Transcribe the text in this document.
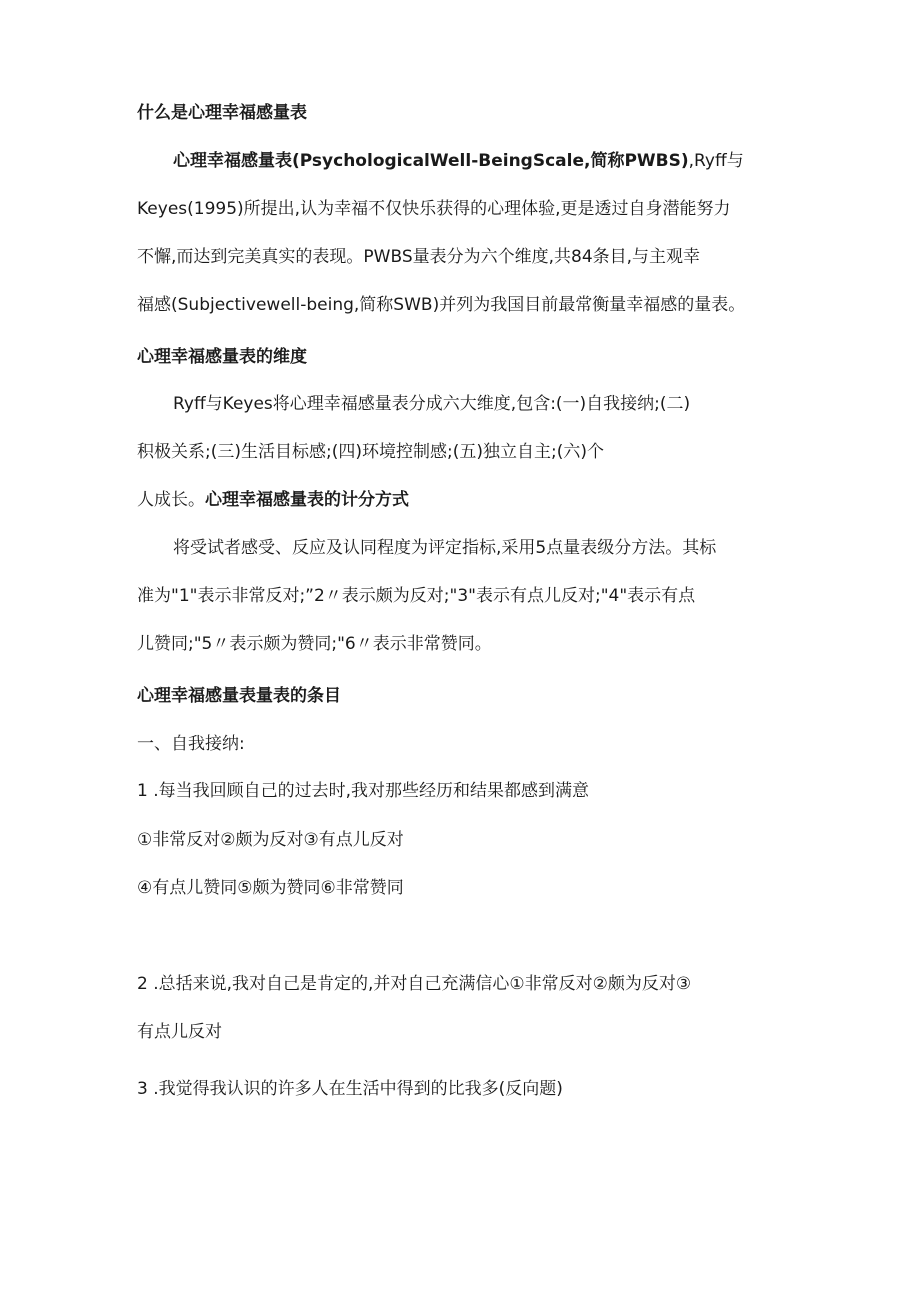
什么是心理幸福感量表
心理幸福感量表(PsychologicalWell-BeingScale,简称PWBS),Ryff与
Keyes(1995)所提出,认为幸福不仅快乐获得的心理体验,更是透过自身潜能努力
不懈,而达到完美真实的表现。PWBS量表分为六个维度,共84条目,与主观幸
福感(Subjectivewell-being,简称SWB)并列为我国目前最常衡量幸福感的量表。
心理幸福感量表的维度
Ryff与Keyes将心理幸福感量表分成六大维度,包含:(一)自我接纳;(二)
积极关系;(三)生活目标感;(四)环境控制感;(五)独立自主;(六)个
人成长。心理幸福感量表的计分方式
将受试者感受、反应及认同程度为评定指标,采用5点量表级分方法。其标
准为"1"表示非常反对;”2〃表示颇为反对;"3"表示有点儿反对;"4"表示有点
儿赞同;"5〃表示颇为赞同;"6〃表示非常赞同。
心理幸福感量表量表的条目
一、自我接纳:
1 .每当我回顾自己的过去时,我对那些经历和结果都感到满意
①非常反对②颇为反对③有点儿反对
④有点儿赞同⑤颇为赞同⑥非常赞同
2 .总括来说,我对自己是肯定的,并对自己充满信心①非常反对②颇为反对③
有点儿反对
3 .我觉得我认识的许多人在生活中得到的比我多(反向题)
